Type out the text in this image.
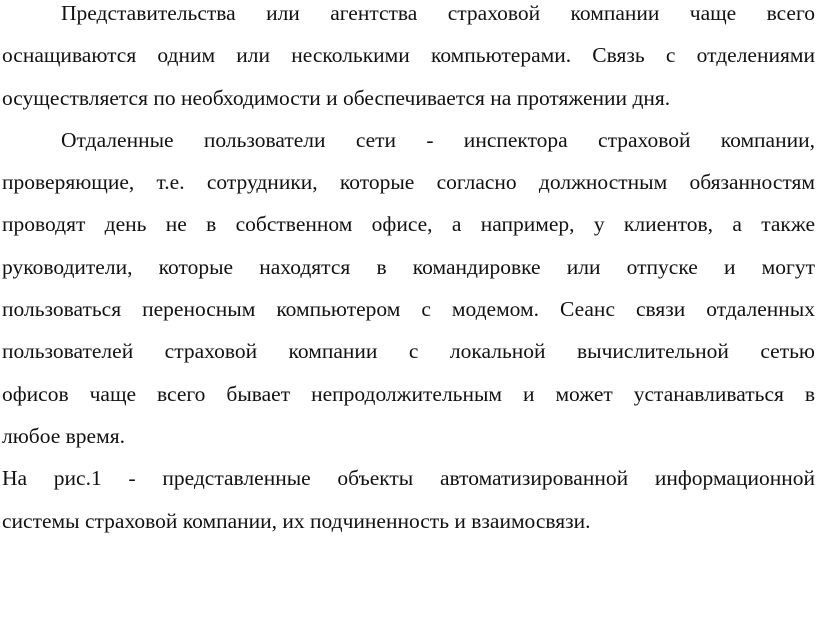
Представительства или агентства страховой компании чаще всего
оснащиваются одним или несколькими компьютерами. Связь с отделениями
осуществляется по необходимости и обеспечивается на протяжении дня.

Отдаленные пользователи сети - инспектора страховой компании,
проверяющие, т.е. сотрудники, которые согласно должностным обязанностям
проводят день не в собственном офисе, а например, у клиентов, а также
руководители, которые находятся в командировке или отпуске и могут
пользоваться переносным компьютером с модемом. Сеанс связи отдаленных
пользователей страховой компании с локальной вычислительной сетью
офисов чаще всего бывает непродолжительным и может устанавливаться в
любое время.

На рис.1 - представленные объекты автоматизированной информационной
системы страховой компании, их подчиненность и взаимосвязи.
